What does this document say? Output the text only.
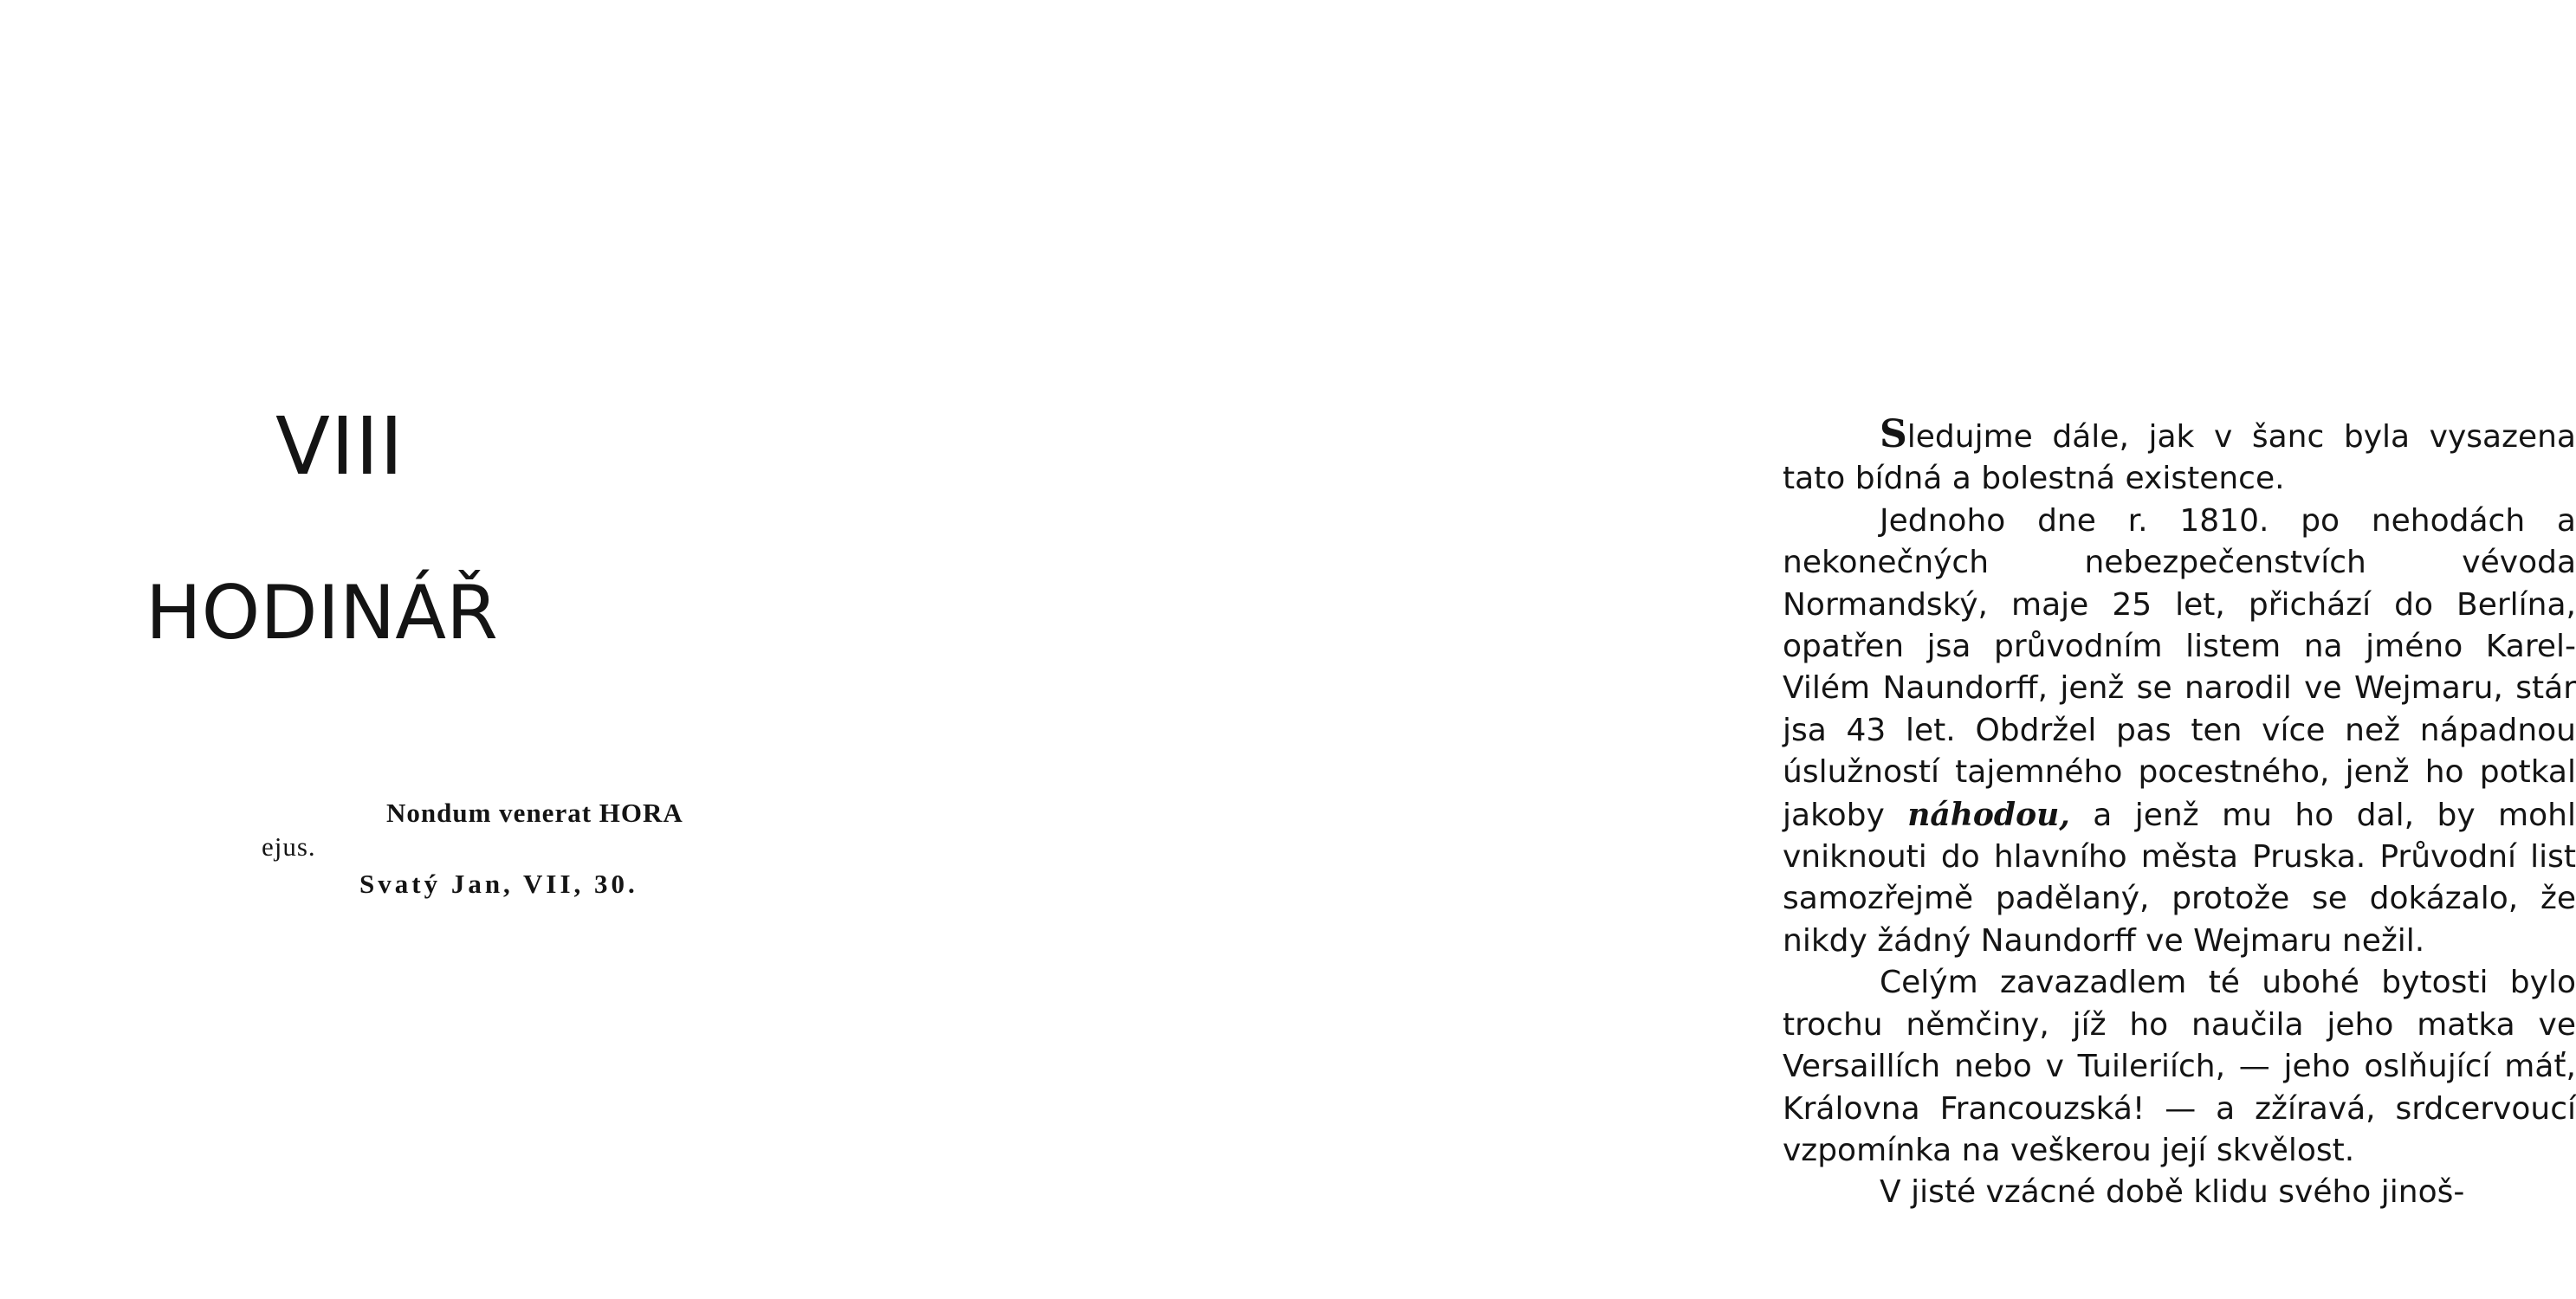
VIII
HODINÁŘ
Nondum venerat HORA
ejus.
Svatý Jan, VII, 30.

Sledujme dále, jak v šanc byla vysazena tato bídná a bolestná existence.

Jednoho dne r. 1810. po nehodách a nekonečných nebezpečenstvích vévoda Normandský, maje 25 let, přichází do Berlína, opatřen jsa průvodním listem na jméno Karel-Vilém Naundorff, jenž se narodil ve Wejmaru, stár jsa 43 let. Obdržel pas ten více než nápadnou úslužností tajemného pocestného, jenž ho potkal jakoby náhodou, a jenž mu ho dal, by mohl vniknouti do hlavního města Pruska. Průvodní list samozřejmě padělaný, protože se dokázalo, že nikdy žádný Naundorff ve Wejmaru nežil.

Celým zavazadlem té ubohé bytosti bylo trochu němčiny, jíž ho naučila jeho matka ve Versaillích nebo v Tuileriích, — jeho oslňující máť, Královna Francouzská! — a zžíravá, srdcervoucí vzpomínka na veškerou její skvělost.

V jisté vzácné době klidu svého jinoš-
